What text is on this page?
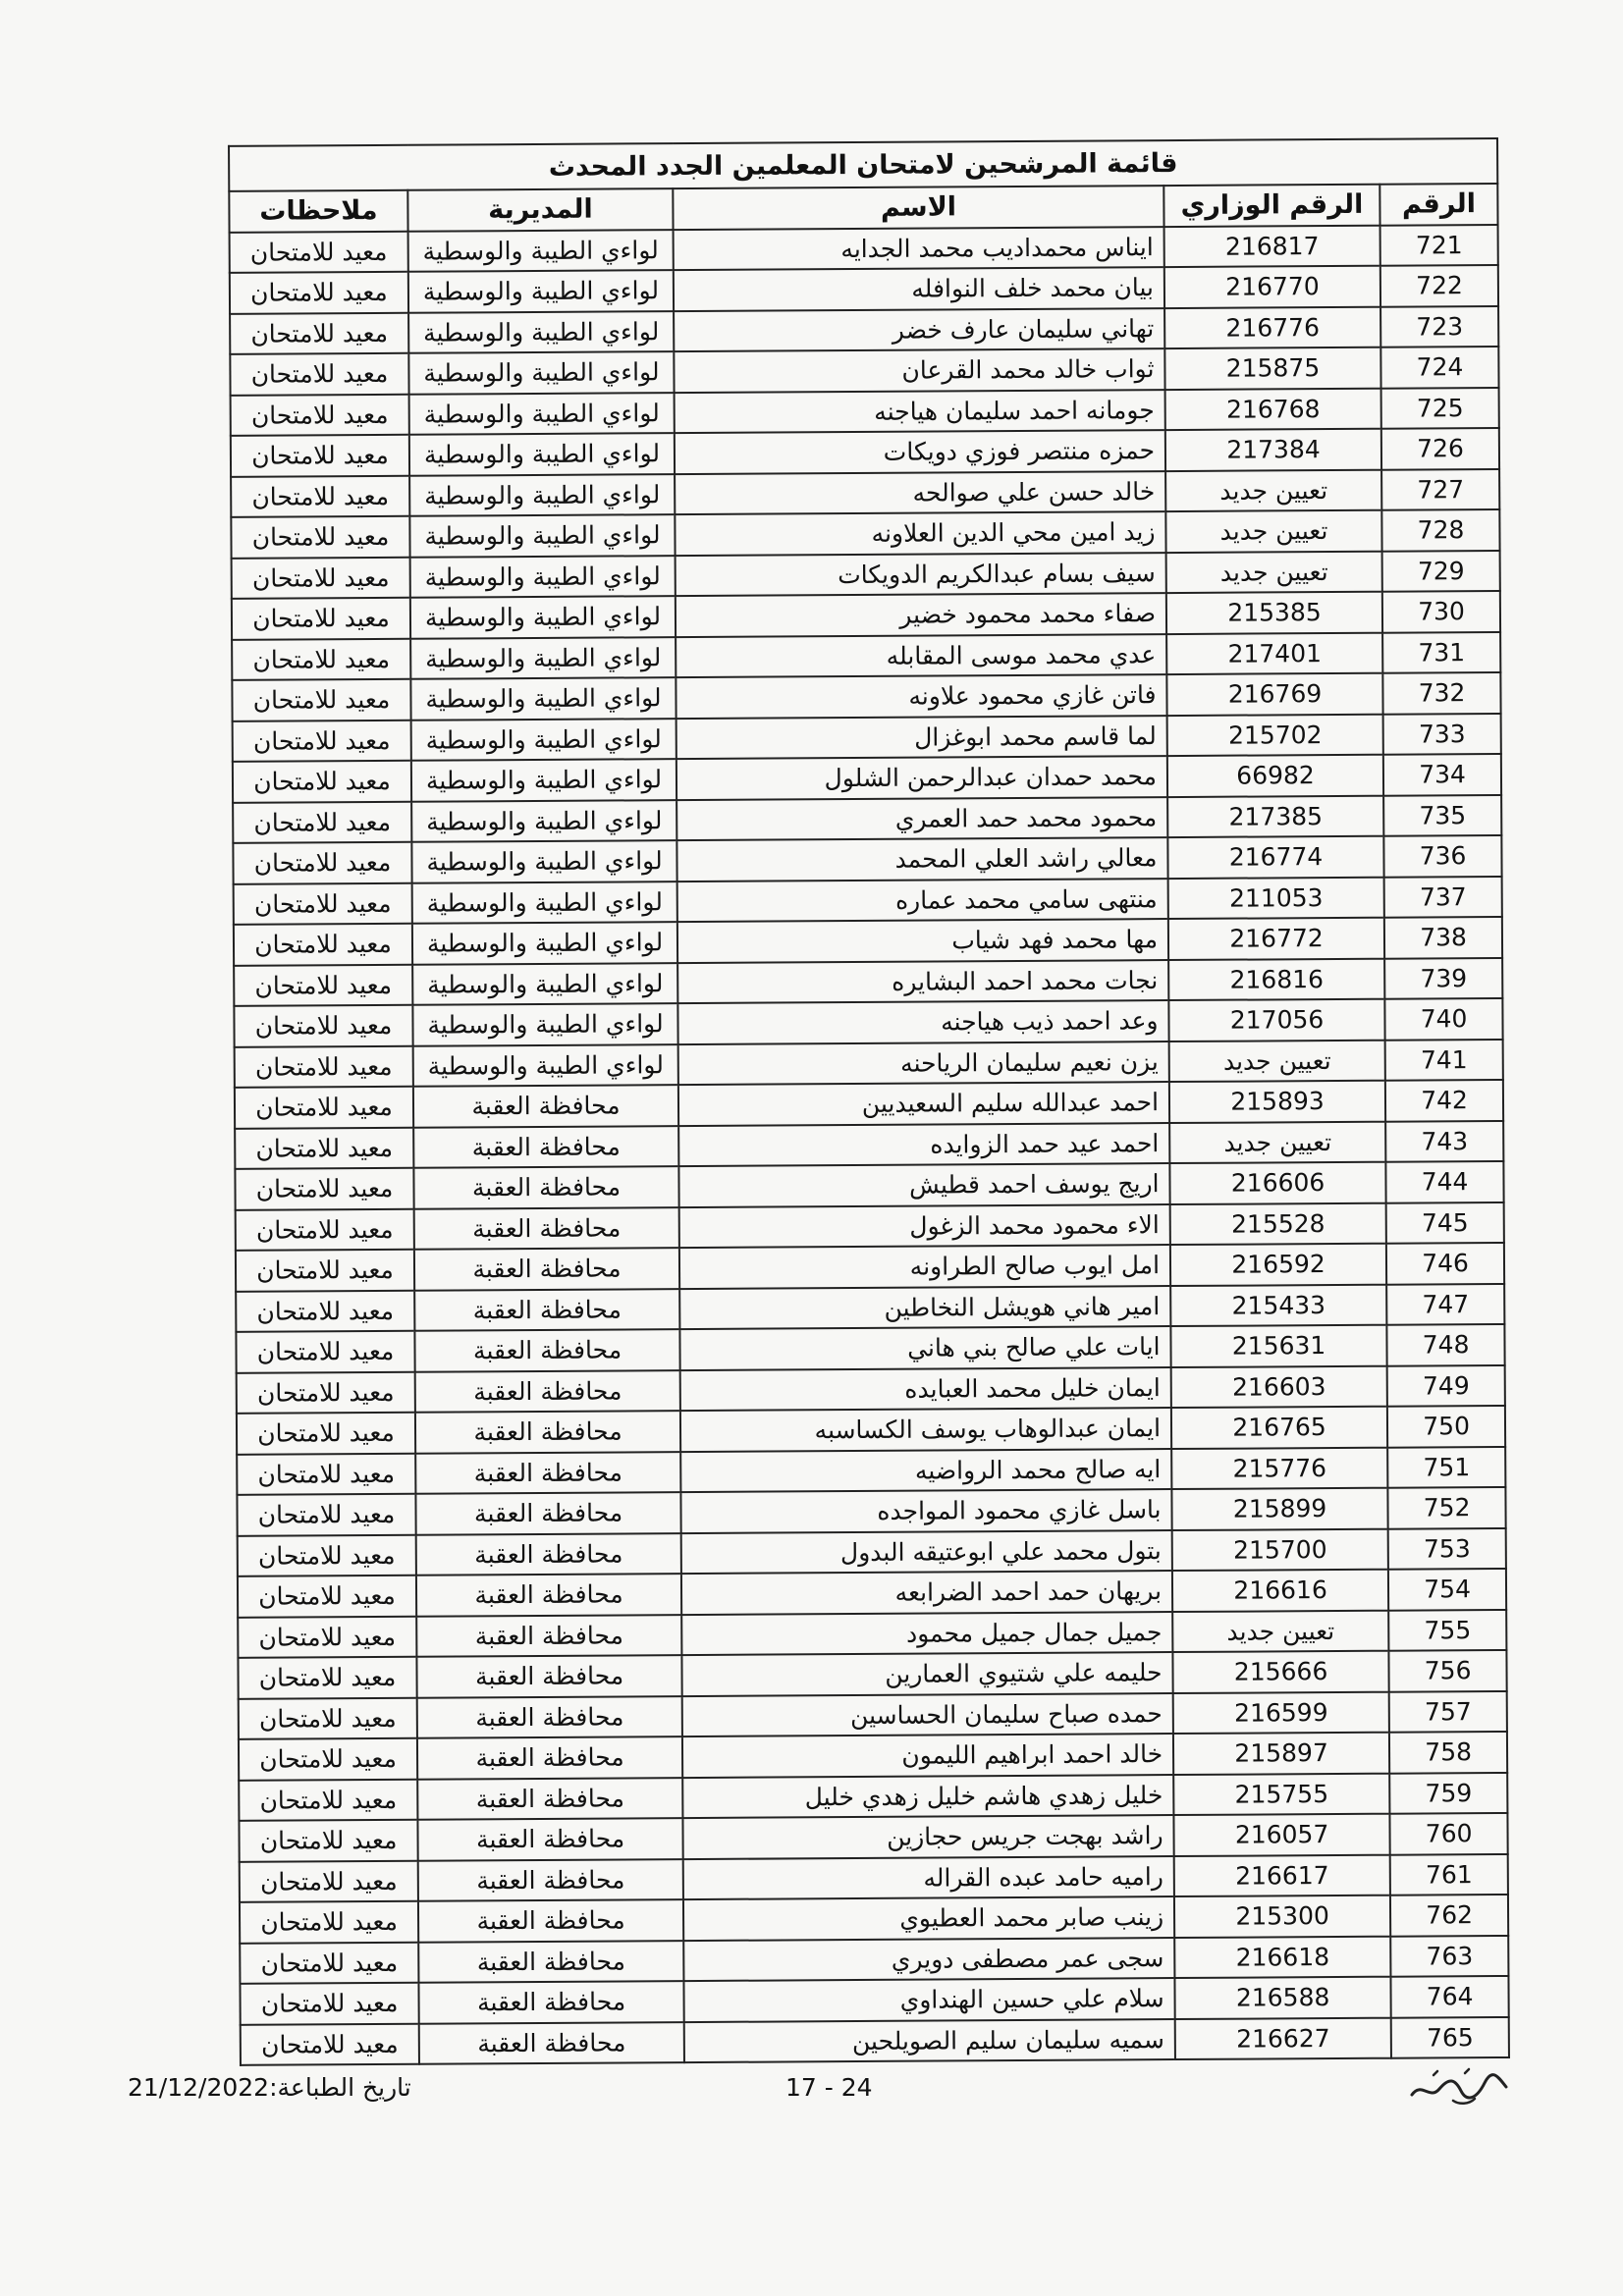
قائمة المرشحين لامتحان المعلمين الجدد المحدث				
الرقم	الرقم الوزاري	الاسم	المديرية	ملاحظات
721	216817	ايناس محمداديب محمد الجدايه	لواءي الطيبة والوسطية	معيد للامتحان
722	216770	بيان محمد خلف النوافله	لواءي الطيبة والوسطية	معيد للامتحان
723	216776	تهاني سليمان عارف خضر	لواءي الطيبة والوسطية	معيد للامتحان
724	215875	ثواب خالد محمد القرعان	لواءي الطيبة والوسطية	معيد للامتحان
725	216768	جومانه احمد سليمان هياجنه	لواءي الطيبة والوسطية	معيد للامتحان
726	217384	حمزه منتصر فوزي دويكات	لواءي الطيبة والوسطية	معيد للامتحان
727	تعيين جديد	خالد حسن علي صوالحه	لواءي الطيبة والوسطية	معيد للامتحان
728	تعيين جديد	زيد امين محي الدين العلاونه	لواءي الطيبة والوسطية	معيد للامتحان
729	تعيين جديد	سيف بسام عبدالكريم الدويكات	لواءي الطيبة والوسطية	معيد للامتحان
730	215385	صفاء محمد محمود خضير	لواءي الطيبة والوسطية	معيد للامتحان
731	217401	عدي محمد موسى المقابله	لواءي الطيبة والوسطية	معيد للامتحان
732	216769	فاتن غازي محمود علاونه	لواءي الطيبة والوسطية	معيد للامتحان
733	215702	لما قاسم محمد ابوغزال	لواءي الطيبة والوسطية	معيد للامتحان
734	66982	محمد حمدان عبدالرحمن الشلول	لواءي الطيبة والوسطية	معيد للامتحان
735	217385	محمود محمد حمد العمري	لواءي الطيبة والوسطية	معيد للامتحان
736	216774	معالي راشد العلي المحمد	لواءي الطيبة والوسطية	معيد للامتحان
737	211053	منتهى سامي محمد عماره	لواءي الطيبة والوسطية	معيد للامتحان
738	216772	مها محمد فهد شياب	لواءي الطيبة والوسطية	معيد للامتحان
739	216816	نجات محمد احمد البشايره	لواءي الطيبة والوسطية	معيد للامتحان
740	217056	وعد احمد ذيب هياجنه	لواءي الطيبة والوسطية	معيد للامتحان
741	تعيين جديد	يزن نعيم سليمان الرياحنه	لواءي الطيبة والوسطية	معيد للامتحان
742	215893	احمد عبدالله سليم السعيديين	محافظة العقبة	معيد للامتحان
743	تعيين جديد	احمد عيد حمد الزوايده	محافظة العقبة	معيد للامتحان
744	216606	اريج يوسف احمد قطيش	محافظة العقبة	معيد للامتحان
745	215528	الاء محمود محمد الزغول	محافظة العقبة	معيد للامتحان
746	216592	امل ايوب صالح الطراونه	محافظة العقبة	معيد للامتحان
747	215433	امير هاني هويشل النخاطين	محافظة العقبة	معيد للامتحان
748	215631	ايات علي صالح بني هاني	محافظة العقبة	معيد للامتحان
749	216603	ايمان خليل محمد العبايده	محافظة العقبة	معيد للامتحان
750	216765	ايمان عبدالوهاب يوسف الكساسبه	محافظة العقبة	معيد للامتحان
751	215776	ايه صالح محمد الرواضيه	محافظة العقبة	معيد للامتحان
752	215899	باسل غازي محمود المواجده	محافظة العقبة	معيد للامتحان
753	215700	بتول محمد علي ابوعتيقه البدول	محافظة العقبة	معيد للامتحان
754	216616	بريهان حمد احمد الضرابعه	محافظة العقبة	معيد للامتحان
755	تعيين جديد	جميل جمال جميل محمود	محافظة العقبة	معيد للامتحان
756	215666	حليمه علي شتيوي العمارين	محافظة العقبة	معيد للامتحان
757	216599	حمده صباح سليمان الحساسين	محافظة العقبة	معيد للامتحان
758	215897	خالد احمد ابراهيم الليمون	محافظة العقبة	معيد للامتحان
759	215755	خليل زهدي هاشم خليل زهدي خليل	محافظة العقبة	معيد للامتحان
760	216057	راشد بهجت جريس حجازين	محافظة العقبة	معيد للامتحان
761	216617	راميه حامد عبده القراله	محافظة العقبة	معيد للامتحان
762	215300	زينب صابر محمد العطيوي	محافظة العقبة	معيد للامتحان
763	216618	سجى عمر مصطفى دويري	محافظة العقبة	معيد للامتحان
764	216588	سلام علي حسين الهنداوي	محافظة العقبة	معيد للامتحان
765	216627	سميه سليمان سليم الصويلحين	محافظة العقبة	معيد للامتحان
تاريخ الطباعة:21/12/2022	17 - 24
